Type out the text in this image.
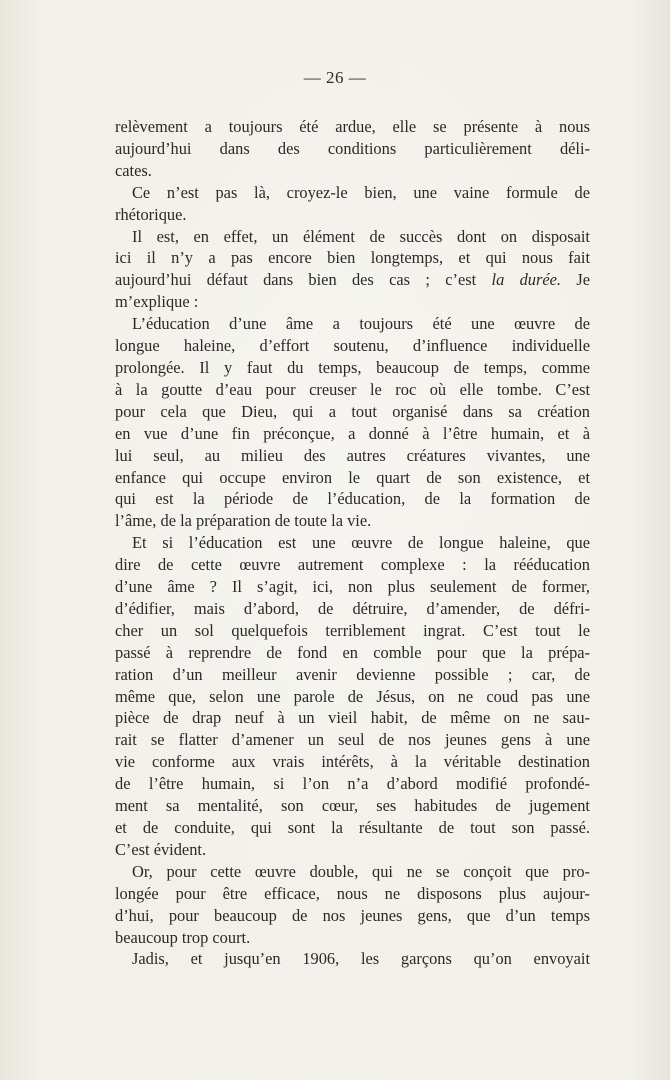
— 26 —
relèvement a toujours été ardue, elle se présente à nous
aujourd’hui dans des conditions particulièrement déli-
cates.
Ce n’est pas là, croyez-le bien, une vaine formule de
rhétorique.
Il est, en effet, un élément de succès dont on disposait
ici il n’y a pas encore bien longtemps, et qui nous fait
aujourd’hui défaut dans bien des cas ; c’est la durée. Je
m’explique :
L’éducation d’une âme a toujours été une œuvre de
longue haleine, d’effort soutenu, d’influence individuelle
prolongée. Il y faut du temps, beaucoup de temps, comme
à la goutte d’eau pour creuser le roc où elle tombe. C’est
pour cela que Dieu, qui a tout organisé dans sa création
en vue d’une fin préconçue, a donné à l’être humain, et à
lui seul, au milieu des autres créatures vivantes, une
enfance qui occupe environ le quart de son existence, et
qui est la période de l’éducation, de la formation de
l’âme, de la préparation de toute la vie.
Et si l’éducation est une œuvre de longue haleine, que
dire de cette œuvre autrement complexe : la rééducation
d’une âme ? Il s’agit, ici, non plus seulement de former,
d’édifier, mais d’abord, de détruire, d’amender, de défri-
cher un sol quelquefois terriblement ingrat. C’est tout le
passé à reprendre de fond en comble pour que la prépa-
ration d’un meilleur avenir devienne possible ; car, de
même que, selon une parole de Jésus, on ne coud pas une
pièce de drap neuf à un vieil habit, de même on ne sau-
rait se flatter d’amener un seul de nos jeunes gens à une
vie conforme aux vrais intérêts, à la véritable destination
de l’être humain, si l’on n’a d’abord modifié profondé-
ment sa mentalité, son cœur, ses habitudes de jugement
et de conduite, qui sont la résultante de tout son passé.
C’est évident.
Or, pour cette œuvre double, qui ne se conçoit que pro-
longée pour être efficace, nous ne disposons plus aujour-
d’hui, pour beaucoup de nos jeunes gens, que d’un temps
beaucoup trop court.
Jadis, et jusqu’en 1906, les garçons qu’on envoyait
